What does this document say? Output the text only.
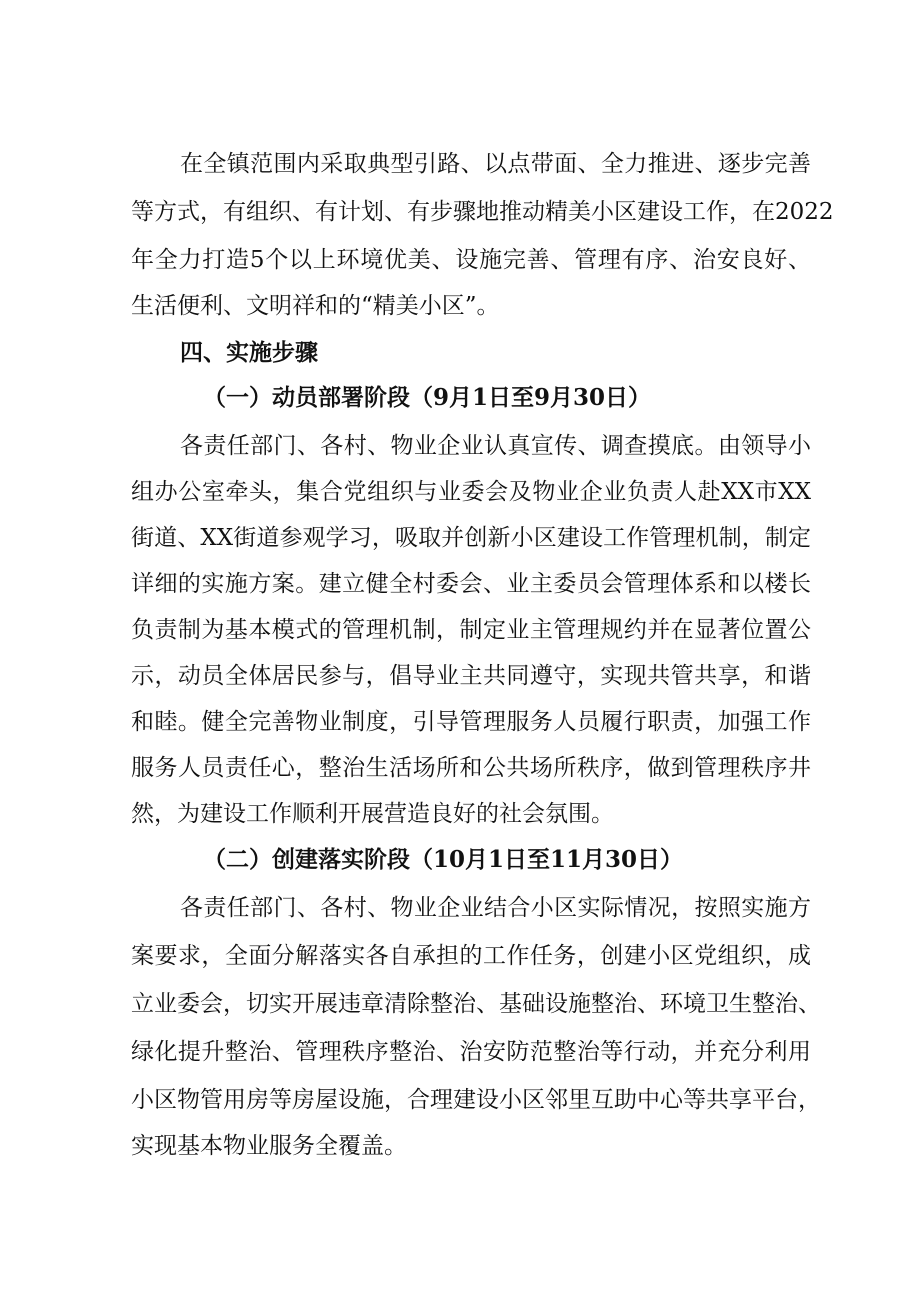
在全镇范围内采取典型引路、以点带面、全力推进、逐步完善
等方式，有组织、有计划、有步骤地推动精美小区建设工作，在2022
年全力打造5个以上环境优美、设施完善、管理有序、治安良好、
生活便利、文明祥和的“精美小区”。
四、实施步骤
（一）动员部署阶段（9月1日至9月30日）
各责任部门、各村、物业企业认真宣传、调查摸底。由领导小
组办公室牵头，集合党组织与业委会及物业企业负责人赴XX市XX
街道、XX街道参观学习，吸取并创新小区建设工作管理机制，制定
详细的实施方案。建立健全村委会、业主委员会管理体系和以楼长
负责制为基本模式的管理机制，制定业主管理规约并在显著位置公
示，动员全体居民参与，倡导业主共同遵守，实现共管共享，和谐
和睦。健全完善物业制度，引导管理服务人员履行职责，加强工作
服务人员责任心，整治生活场所和公共场所秩序，做到管理秩序井
然，为建设工作顺利开展营造良好的社会氛围。
（二）创建落实阶段（10月1日至11月30日）
各责任部门、各村、物业企业结合小区实际情况，按照实施方
案要求，全面分解落实各自承担的工作任务，创建小区党组织，成
立业委会，切实开展违章清除整治、基础设施整治、环境卫生整治、
绿化提升整治、管理秩序整治、治安防范整治等行动，并充分利用
小区物管用房等房屋设施，合理建设小区邻里互助中心等共享平台，
实现基本物业服务全覆盖。
